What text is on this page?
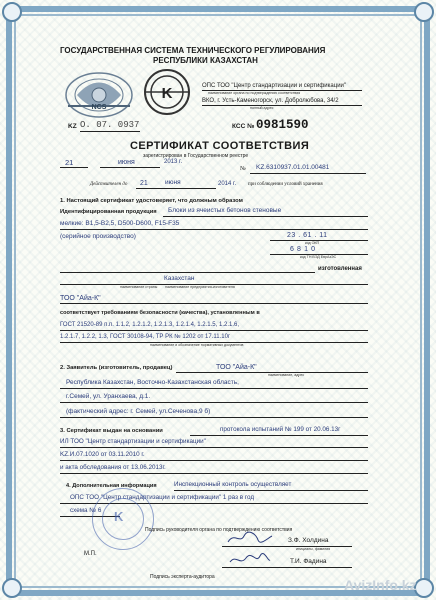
ГОСУДАРСТВЕННАЯ СИСТЕМА ТЕХНИЧЕСКОГО РЕГУЛИРОВАНИЯ
РЕСПУБЛИКИ КАЗАХСТАН
NCS
K	ОПС ТОО "Центр стандартизации и сертификации"
наименование органа по подтверждению соответствия
ВКО, г. Усть-Каменогорск, ул. Добролюбова, 34/2
полный адрес
KZ О. 07. 0937	КСС № 0981590
СЕРТИФИКАТ СООТВЕТСТВИЯ
зарегистрирован в Государственном реестре
21	июня	2013 г.
№ KZ.6310937.01.01.00481
Действителен до 21	июня	2014 г. при соблюдении условий хранения
1. Настоящий сертификат удостоверяет, что должным образом
Идентифицированная продукция Блоки из ячеистых бетонов стеновые
мелкие: B1,5-B2,5, D500-D600, F15-F35
(серийное производство)	23 . 61 . 11
код ОКП
6 8 1 0
код ТН ВЭД ЕврАзЭС
изготовленная
Казахстан
наименование страны наименование предприятия-изготовителя
ТОО "Айа-К"
соответствует требованиям безопасности (качества), установленным в
ГОСТ 21520-89 п.п. 1.1.2, 1.2.1.2, 1.2.1.3, 1.2.1.4, 1.2.1.5, 1.2.1.6,
1.2.1.7, 1.2.2, 1.3, ГОСТ 30108-94, ТР РК № 1202 от 17.11.10г
наименование и обозначение нормативных документов
2. Заявитель (изготовитель, продавец)	ТОО "Айа-К"
наименование, адрес
Республика Казахстан, Восточно-Казахстанская область,
г.Семей, ул. Уранхаева, д.1.
(фактический адрес: г. Семей, ул.Сеченова,9 б)
3. Сертификат выдан на основании	протокола испытаний № 199 от 20.06.13г
ИЛ ТОО "Центр стандартизации и сертификации"
KZ.И.07.1020 от 03.11.2010 г.
и акта обследования от 13.06.2013г.
4. Дополнительная информация	Инспекционный контроль осуществляет
ОПС ТОО "Центр стандартизации и сертификации" 1 раз в год
схема № 6 K
Подпись руководителя органа по подтверждению соответствия
З.Ф. Холдина
инициалы, фамилия
М.П.
Т.И. Фадина
Подпись эксперта-аудитора	AvizInfo.kz
